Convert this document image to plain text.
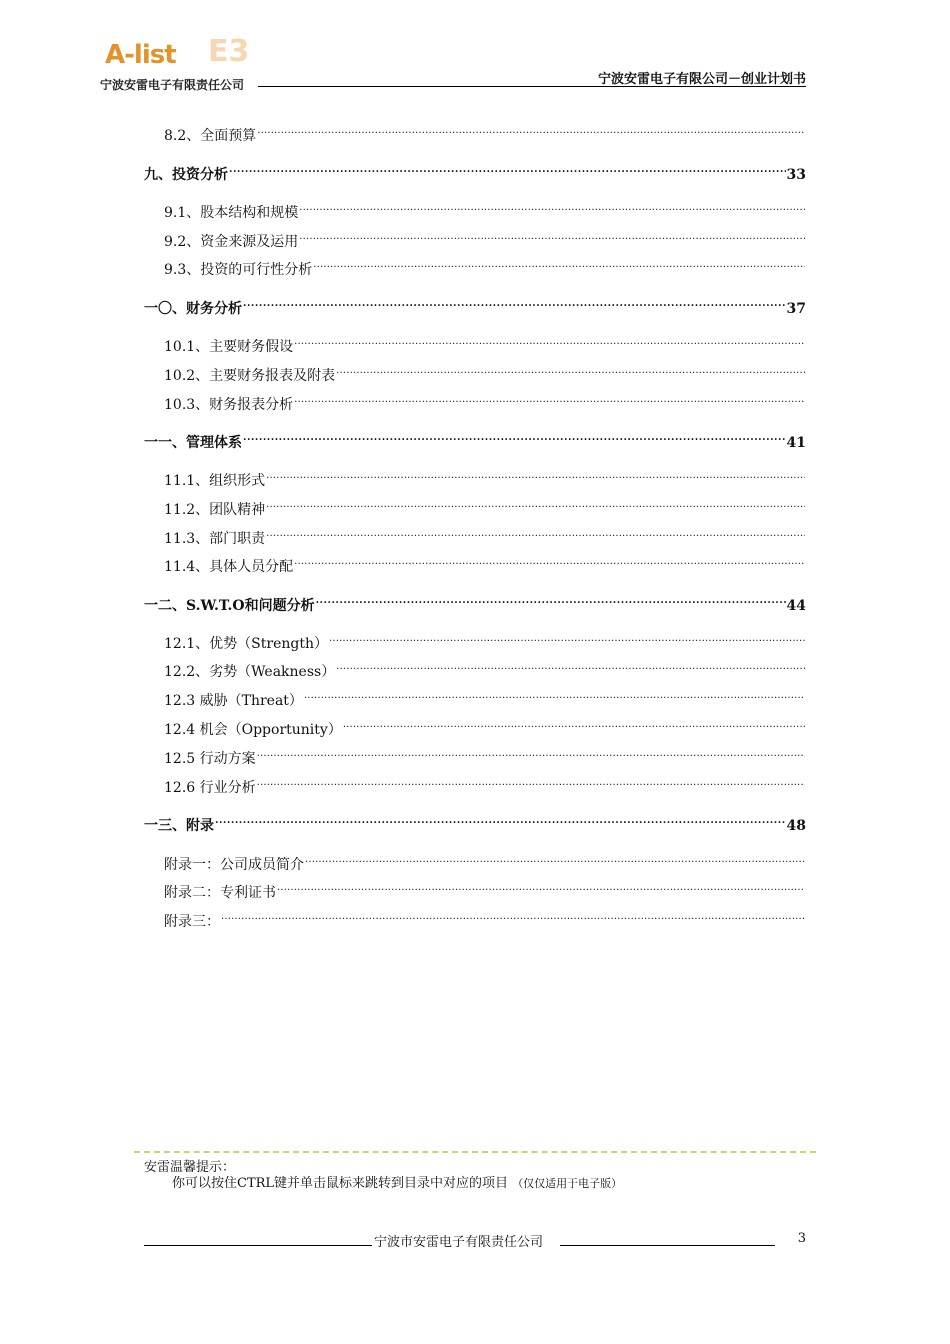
A-list E3
宁波安雷电子有限责任公司	宁波安雷电子有限公司－创业计划书
8.2、全面预算
. . .
九、投资分析 . . .	33
9.1、股本结构和规模
. . .
9.2、资金来源及运用
. . .
9.3、投资的可行性分析
. . .
一〇、财务分析 . . .	37
10.1、主要财务假设
. . .
10.2、主要财务报表及附表
. . .
10.3、财务报表分析
. . .
一一、管理体系 . . .	41
11.1、组织形式
. . .
11.2、团队精神
. . .
11.3、部门职责
. . .
11.4、具体人员分配
. . .
一二、S.W.T.O和问题分析 . . .	44
12.1、优势（Strength）
. . .
12.2、劣势（Weakness）
. . .
12.3 威胁（Threat）
. . .
12.4 机会（Opportunity）
. . .
12.5 行动方案
. . .
12.6 行业分析
. . .
一三、附录 . . .	48
附录一：公司成员简介
. . .
附录二：专利证书
. . .
附录三：
. . .
安雷温馨提示：
你可以按住CTRL键并单击鼠标来跳转到目录中对应的项目 （仅仅适用于电子版）
宁波市安雷电子有限责任公司	3
